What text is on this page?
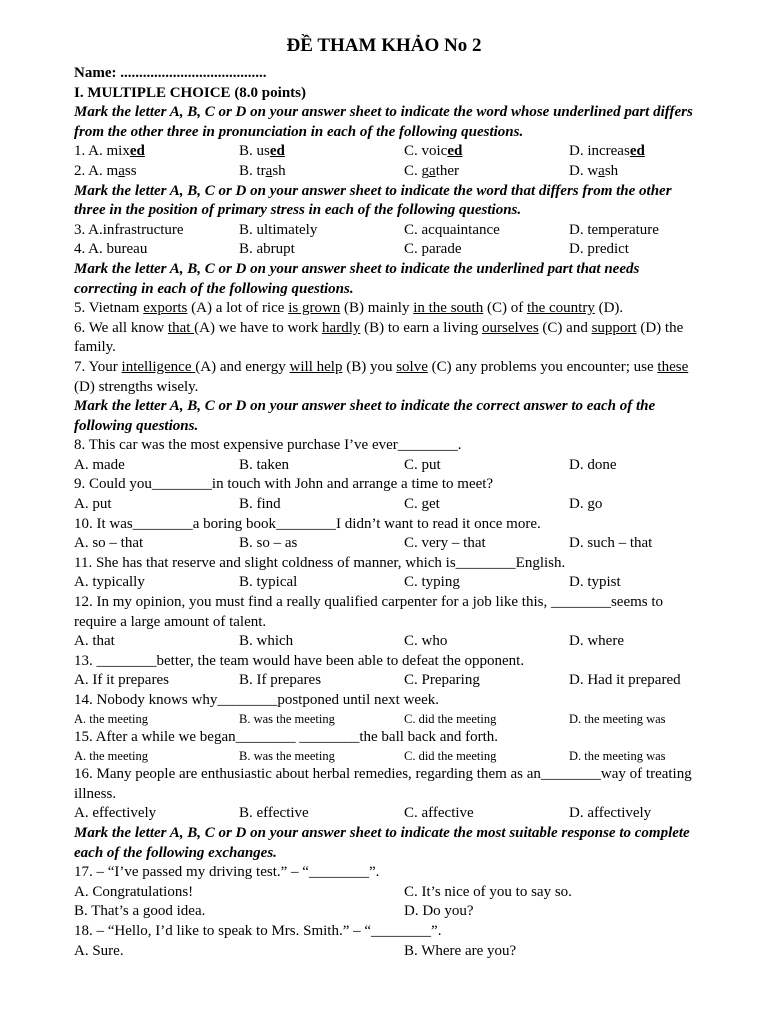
ĐỀ THAM KHẢO No 2
Name: .......................................
I. MULTIPLE CHOICE (8.0 points)
Mark the letter A, B, C or D on your answer sheet to indicate the word whose underlined part differs from the other three in pronunciation in each of the following questions.
1. A. mixed	B. used	C. voiced	D. increased
2. A. mass	B. trash	C. gather	D. wash
Mark the letter A, B, C or D on your answer sheet to indicate the word that differs from the other three in the position of primary stress in each of the following questions.
3. A.infrastructure	B. ultimately	C. acquaintance	D. temperature
4. A. bureau	B. abrupt	C. parade	D. predict
Mark the letter A, B, C or D on your answer sheet to indicate the underlined part that needs correcting in each of the following questions.
5. Vietnam exports (A) a lot of rice is grown (B) mainly in the south (C) of the country (D).
6. We all know that (A) we have to work hardly (B) to earn a living ourselves (C) and support (D) the family.
7. Your intelligence (A) and energy will help (B) you solve (C) any problems you encounter; use these (D) strengths wisely.
Mark the letter A, B, C or D on your answer sheet to indicate the correct answer to each of the following questions.
8. This car was the most expensive purchase I’ve ever________.
A. made	B. taken	C. put	D. done
9. Could you________in touch with John and arrange a time to meet?
A. put	B. find	C. get	D. go
10. It was________a boring book________I didn’t want to read it once more.
A. so – that	B. so – as	C. very – that	D. such – that
11. She has that reserve and slight coldness of manner, which is________English.
A. typically	B. typical	C. typing	D. typist
12. In my opinion, you must find a really qualified carpenter for a job like this, ________seems to require a large amount of talent.
A. that	B. which	C. who	D. where
13. ________better, the team would have been able to defeat the opponent.
A. If it prepares	B. If prepares	C. Preparing	D. Had it prepared
14. Nobody knows why________postponed until next week.
A. the meeting	B. was the meeting	C. did the meeting	D. the meeting was
15. After a while we began________ ________the ball back and forth.
A. the meeting	B. was the meeting	C. did the meeting	D. the meeting was
16. Many people are enthusiastic about herbal remedies, regarding them as an________way of treating illness.
A. effectively	B. effective	C. affective	D. affectively
Mark the letter A, B, C or D on your answer sheet to indicate the most suitable response to complete each of the following exchanges.
17. – “I’ve passed my driving test.” – “________”.
A. Congratulations!	C. It’s nice of you to say so.
B. That’s a good idea.	D. Do you?
18. – “Hello, I’d like to speak to Mrs. Smith.” – “________”.
A. Sure.	B. Where are you?
